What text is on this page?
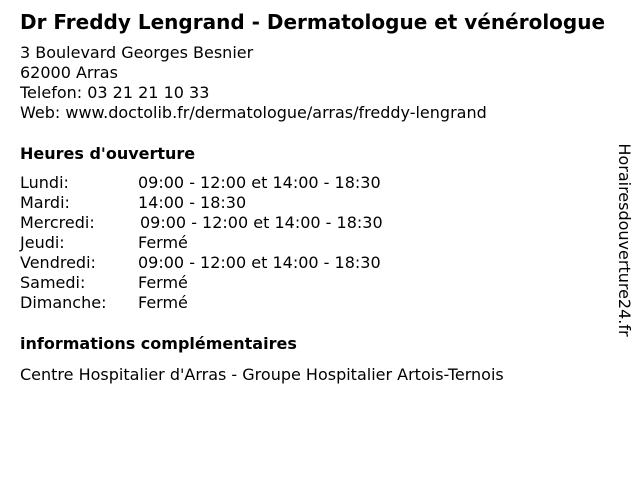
Dr Freddy Lengrand - Dermatologue et vénérologue
3 Boulevard Georges Besnier
62000 Arras
Telefon: 03 21 21 10 33
Web: www.doctolib.fr/dermatologue/arras/freddy-lengrand
Heures d'ouverture
Lundi:	09:00 - 12:00 et 14:00 - 18:30
Mardi:	14:00 - 18:30
Mercredi:	09:00 - 12:00 et 14:00 - 18:30
Jeudi:	Fermé
Vendredi:	09:00 - 12:00 et 14:00 - 18:30
Samedi:	Fermé
Dimanche: Fermé
informations complémentaires
Centre Hospitalier d'Arras - Groupe Hospitalier Artois-Ternois
Horairesdouverture24.fr
